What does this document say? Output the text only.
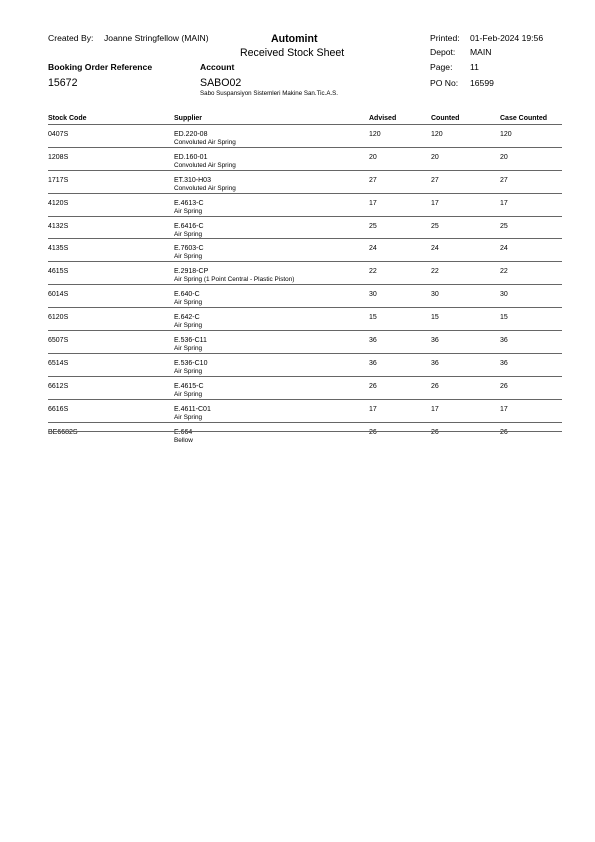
Created By: Joanne Stringfellow (MAIN)	Automint
Received Stock Sheet
Printed: 01-Feb-2024 19:56
Depot: MAIN
Page: 11
PO No: 16599
Booking Order Reference
15672
Account
SABO02
Sabo Suspansiyon Sistemleri Makine San.Tic.A.S.
Stock Code	Supplier	Advised	Counted	Case Counted
0407S	ED.220-08	120	120	120
Convoluted Air Spring
1208S	ED.160-01	20	20	20
Convoluted Air Spring
1717S	ET.310-H03	27	27	27
Convoluted Air Spring
4120S	E.4613-C	17	17	17
Air Spring
4132S	E.6416-C	25	25	25
Air Spring
4135S	E.7603-C	24	24	24
Air Spring
4615S	E.2918-CP	22	22	22
Air Spring (1 Point Central - Plastic Piston)
6014S	E.640-C	30	30	30
Air Spring
6120S	E.642-C	15	15	15
Air Spring
6507S	E.536-C11	36	36	36
Air Spring
6514S	E.536-C10	36	36	36
Air Spring
6612S	E.4615-C	26	26	26
Air Spring
6616S	E.4611-C01	17	17	17
Air Spring
BE6682S	E.664	26	26	26
Bellow
